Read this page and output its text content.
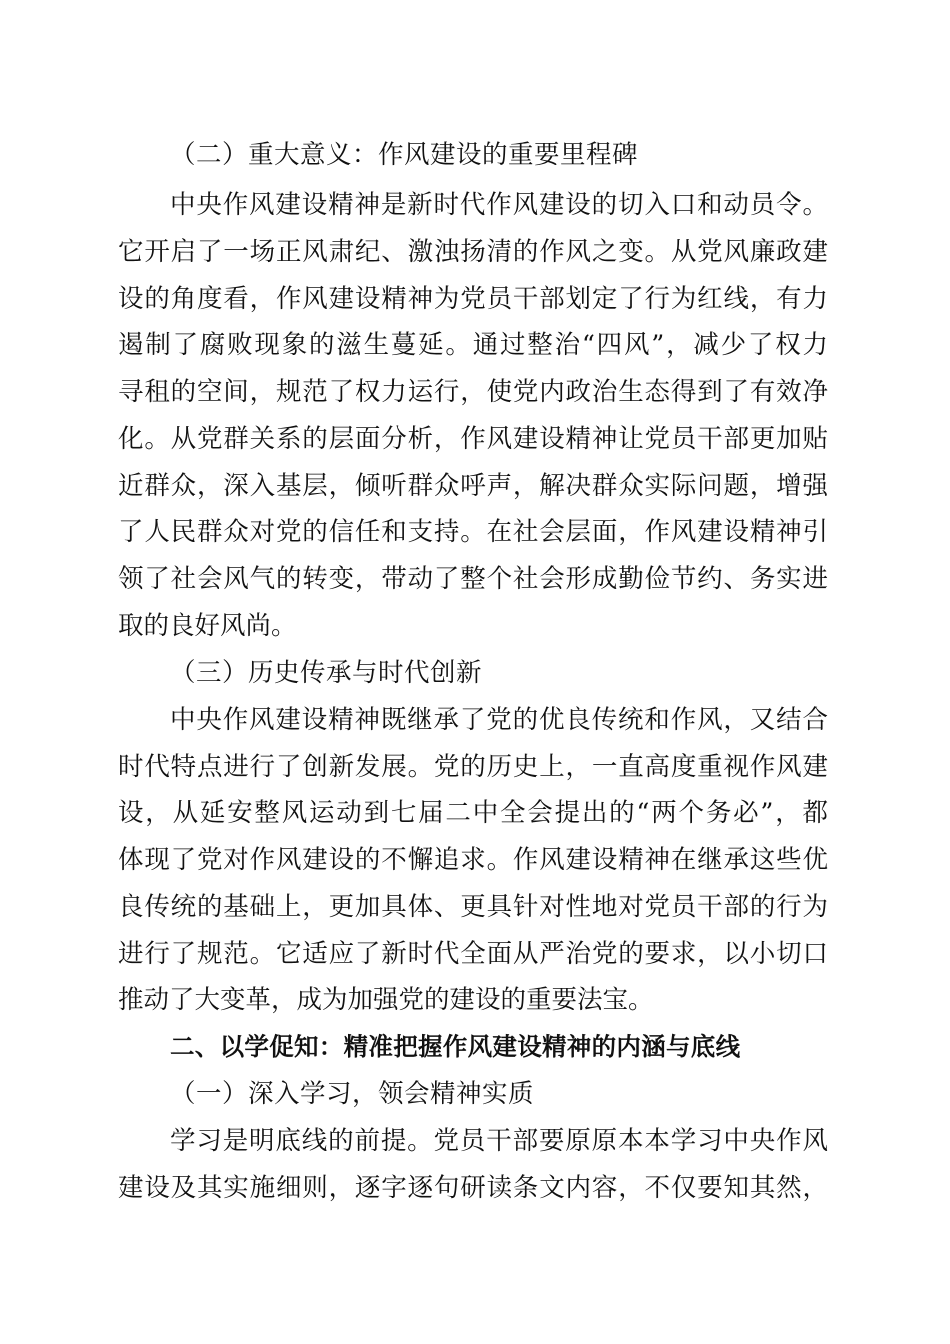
（二）重大意义：作风建设的重要里程碑
中央作风建设精神是新时代作风建设的切入口和动员令。
它开启了一场正风肃纪、激浊扬清的作风之变。从党风廉政建
设的角度看，作风建设精神为党员干部划定了行为红线，有力
遏制了腐败现象的滋生蔓延。通过整治“四风”，减少了权力
寻租的空间，规范了权力运行，使党内政治生态得到了有效净
化。从党群关系的层面分析，作风建设精神让党员干部更加贴
近群众，深入基层，倾听群众呼声，解决群众实际问题，增强
了人民群众对党的信任和支持。在社会层面，作风建设精神引
领了社会风气的转变，带动了整个社会形成勤俭节约、务实进
取的良好风尚。
（三）历史传承与时代创新
中央作风建设精神既继承了党的优良传统和作风，又结合
时代特点进行了创新发展。党的历史上，一直高度重视作风建
设，从延安整风运动到七届二中全会提出的“两个务必”，都
体现了党对作风建设的不懈追求。作风建设精神在继承这些优
良传统的基础上，更加具体、更具针对性地对党员干部的行为
进行了规范。它适应了新时代全面从严治党的要求，以小切口
推动了大变革，成为加强党的建设的重要法宝。
二、以学促知：精准把握作风建设精神的内涵与底线
（一）深入学习，领会精神实质
学习是明底线的前提。党员干部要原原本本学习中央作风
建设及其实施细则，逐字逐句研读条文内容，不仅要知其然，
